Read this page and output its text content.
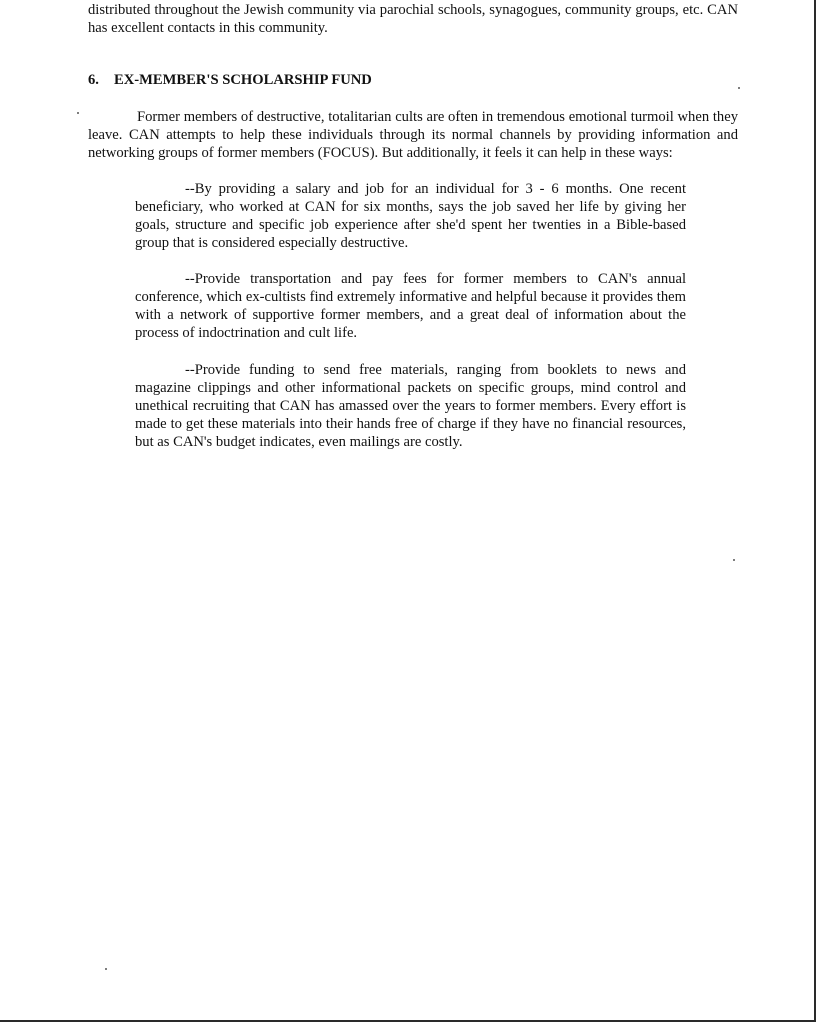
distributed throughout the Jewish community via parochial schools, synagogues, community groups, etc. CAN has excellent contacts in this community.

6. EX-MEMBER'S SCHOLARSHIP FUND

Former members of destructive, totalitarian cults are often in tremendous emotional turmoil when they leave. CAN attempts to help these individuals through its normal channels by providing information and networking groups of former members (FOCUS). But additionally, it feels it can help in these ways:

--By providing a salary and job for an individual for 3 - 6 months. One recent beneficiary, who worked at CAN for six months, says the job saved her life by giving her goals, structure and specific job experience after she'd spent her twenties in a Bible-based group that is considered especially destructive.

--Provide transportation and pay fees for former members to CAN's annual conference, which ex-cultists find extremely informative and helpful because it provides them with a network of supportive former members, and a great deal of information about the process of indoctrination and cult life.

--Provide funding to send free materials, ranging from booklets to news and magazine clippings and other informational packets on specific groups, mind control and unethical recruiting that CAN has amassed over the years to former members. Every effort is made to get these materials into their hands free of charge if they have no financial resources, but as CAN's budget indicates, even mailings are costly.
